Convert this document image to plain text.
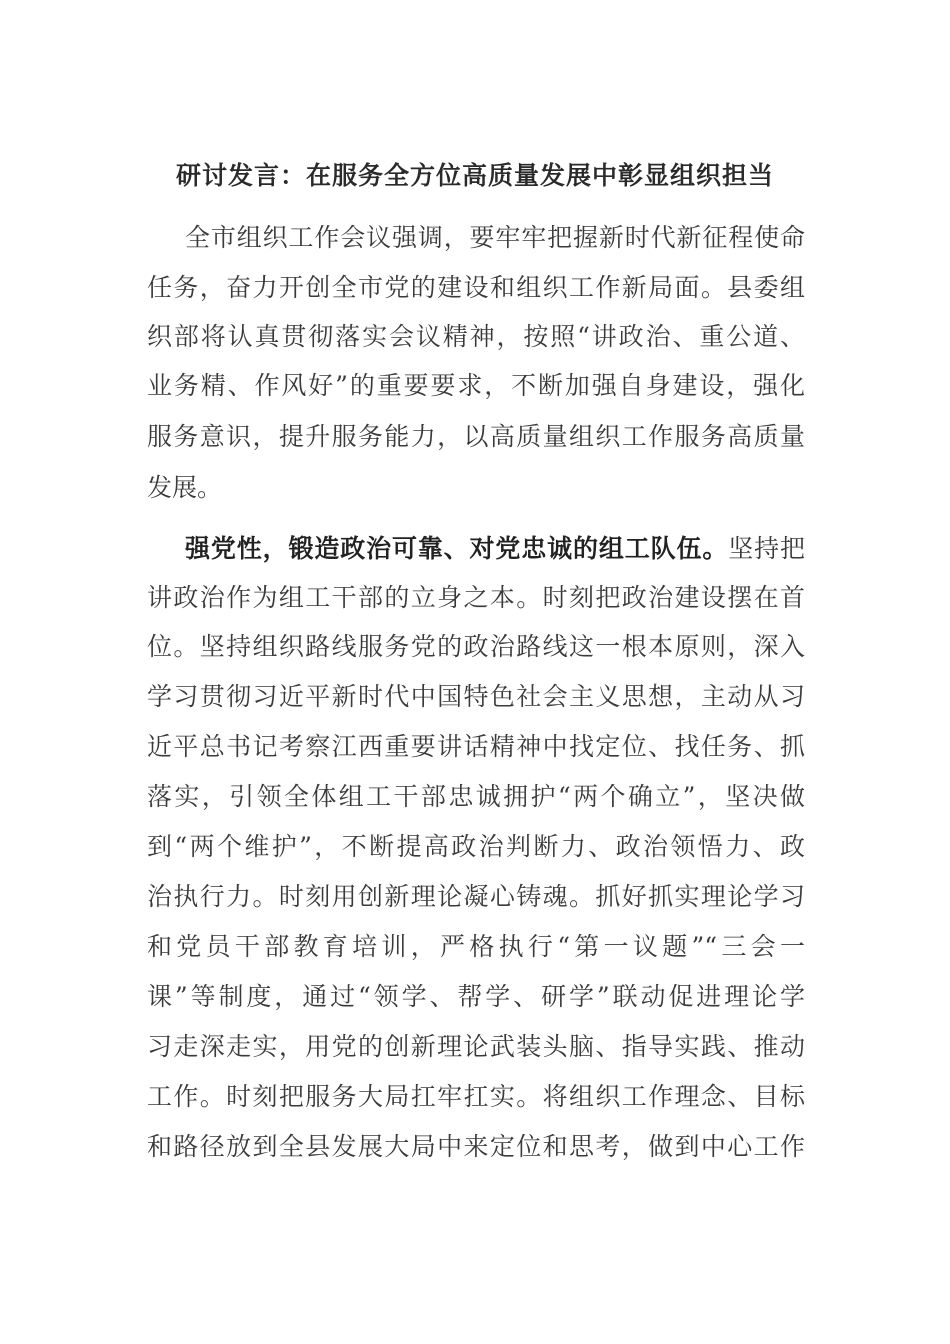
研讨发言：在服务全方位高质量发展中彰显组织担当
全市组织工作会议强调，要牢牢把握新时代新征程使命
任务，奋力开创全市党的建设和组织工作新局面。县委组
织部将认真贯彻落实会议精神，按照“讲政治、重公道、
业务精、作风好”的重要要求，不断加强自身建设，强化
服务意识，提升服务能力，以高质量组织工作服务高质量
发展。
强党性，锻造政治可靠、对党忠诚的组工队伍。坚持把
讲政治作为组工干部的立身之本。时刻把政治建设摆在首
位。坚持组织路线服务党的政治路线这一根本原则，深入
学习贯彻习近平新时代中国特色社会主义思想，主动从习
近平总书记考察江西重要讲话精神中找定位、找任务、抓
落实，引领全体组工干部忠诚拥护“两个确立”，坚决做
到“两个维护”，不断提高政治判断力、政治领悟力、政
治执行力。时刻用创新理论凝心铸魂。抓好抓实理论学习
和党员干部教育培训，严格执行“第一议题”“三会一
课”等制度，通过“领学、帮学、研学”联动促进理论学
习走深走实，用党的创新理论武装头脑、指导实践、推动
工作。时刻把服务大局扛牢扛实。将组织工作理念、目标
和路径放到全县发展大局中来定位和思考，做到中心工作
